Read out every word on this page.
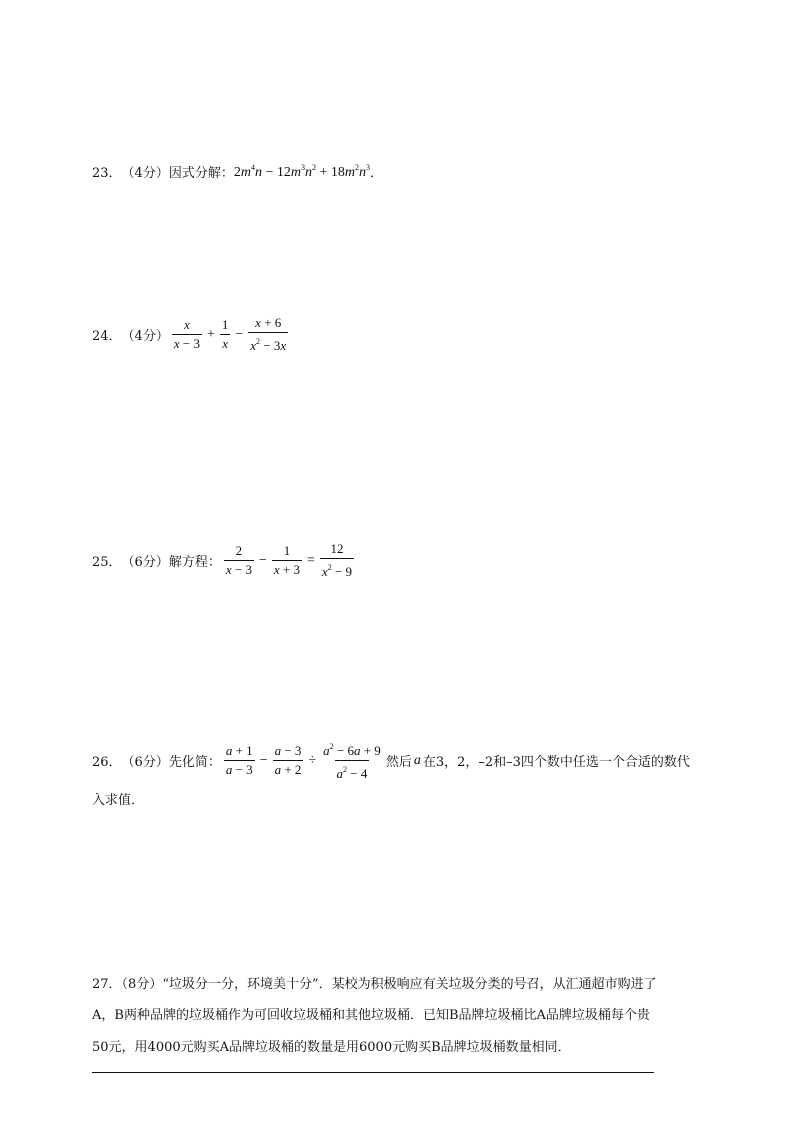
23． （4分） 因式分解： $2m^4n - 12m^3n^2 + 18m^2n^3$ ．
24． （4分） $\frac{x}{x - 3} + \frac{1}{x} - \frac{x + 6}{x^2 - 3x}$
25． （6分） 解方程： $\frac{2}{x - 3} - \frac{1}{x + 3} = \frac{12}{x^2 - 9}$
26． （6分） 先化简： $\frac{a + 1}{a - 3} - \frac{a - 3}{a + 2} \div \frac{a^2 - 6a + 9}{a^2 - 4}$ 然后 a 在3，2， –2和–3四个数中任选一个合适的数代
入求值．
27．（8分）“垃圾分一分，环境美十分”．某校为积极响应有关垃圾分类的号召，从汇通超市购进了
A，B两种品牌的垃圾桶作为可回收垃圾桶和其他垃圾桶．已知B品牌垃圾桶比A品牌垃圾桶每个贵
50元，用4000元购买A品牌垃圾桶的数量是用6000元购买B品牌垃圾桶数量相同．
